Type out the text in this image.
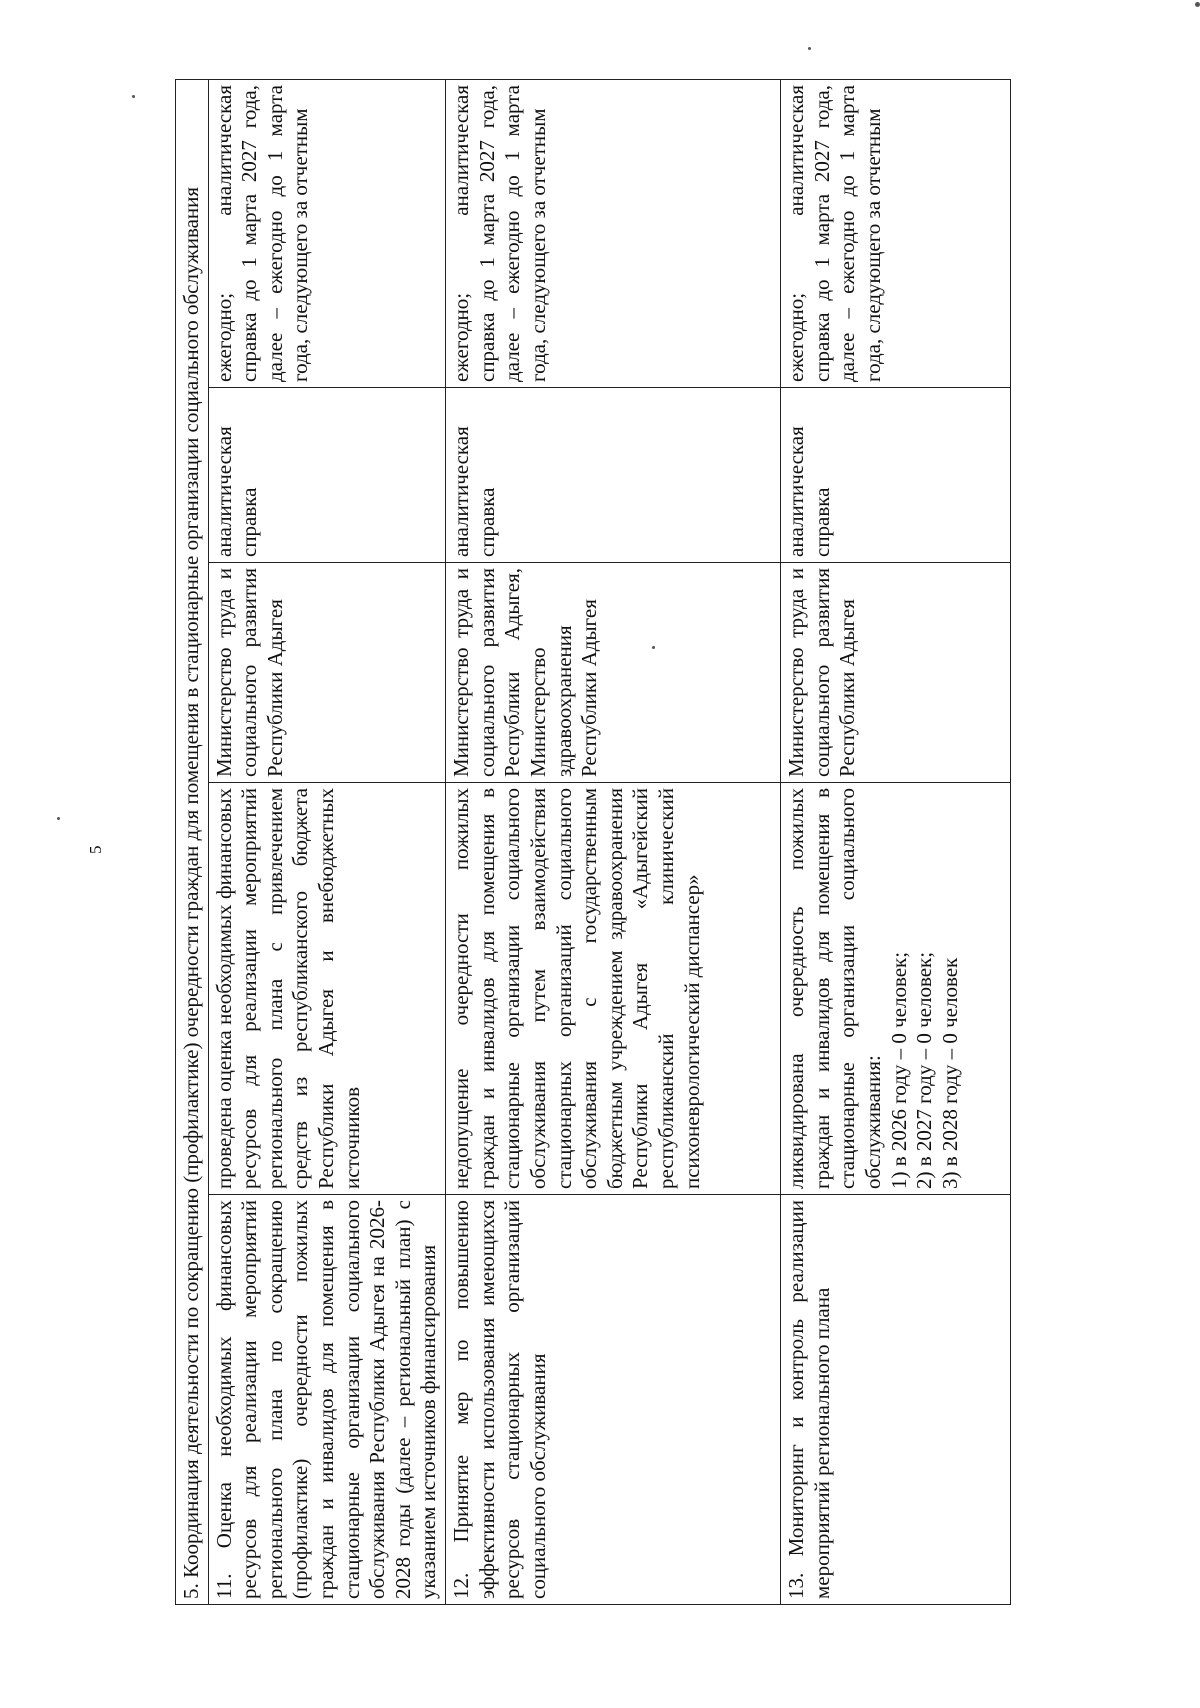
5	5. Координация деятельности по сокращению (профилактике) очередности граждан для помещения в стационарные организации социального обслуживания				
11. Оценка необходимых финансовых ресурсов для реализации мероприятий регионального плана по сокращению (профилактике) очередности пожилых граждан и инвалидов для помещения в стационарные организации социального обслуживания Республики Адыгея на 2026-2028 годы (далее – региональный план) с указанием источников финансирования	проведена оценка необходимых финансовых ресурсов для реализации мероприятий регионального плана с привлечением средств из республиканского бюджета Республики Адыгея и внебюджетных источников	Министерство труда и социального развития Республики Адыгея	аналитическая справка	ежегодно; аналитическая справка до 1 марта 2027 года, далее – ежегодно до 1 марта года, следующего за отчетным
12. Принятие мер по повышению эффективности использования имеющихся ресурсов стационарных организаций социального обслуживания	недопущение очередности пожилых граждан и инвалидов для помещения в стационарные организации социального обслуживания путем взаимодействия стационарных организаций социального обслуживания с государственным бюджетным учреждением здравоохранения Республики Адыгея «Адыгейский республиканский клинический психоневрологический диспансер»	Министерство труда и социального развития Республики Адыгея, Министерство здравоохранения Республики Адыгея	аналитическая справка	ежегодно; аналитическая справка до 1 марта 2027 года, далее – ежегодно до 1 марта года, следующего за отчетным
13. Мониторинг и контроль реализации мероприятий регионального плана	ликвидирована очередность пожилых граждан и инвалидов для помещения в стационарные организации социального обслуживания: 1) в 2026 году – 0 человек; 2) в 2027 году – 0 человек; 3) в 2028 году – 0 человек	Министерство труда и социального развития Республики Адыгея	аналитическая справка	ежегодно; аналитическая справка до 1 марта 2027 года, далее – ежегодно до 1 марта года, следующего за отчетным
